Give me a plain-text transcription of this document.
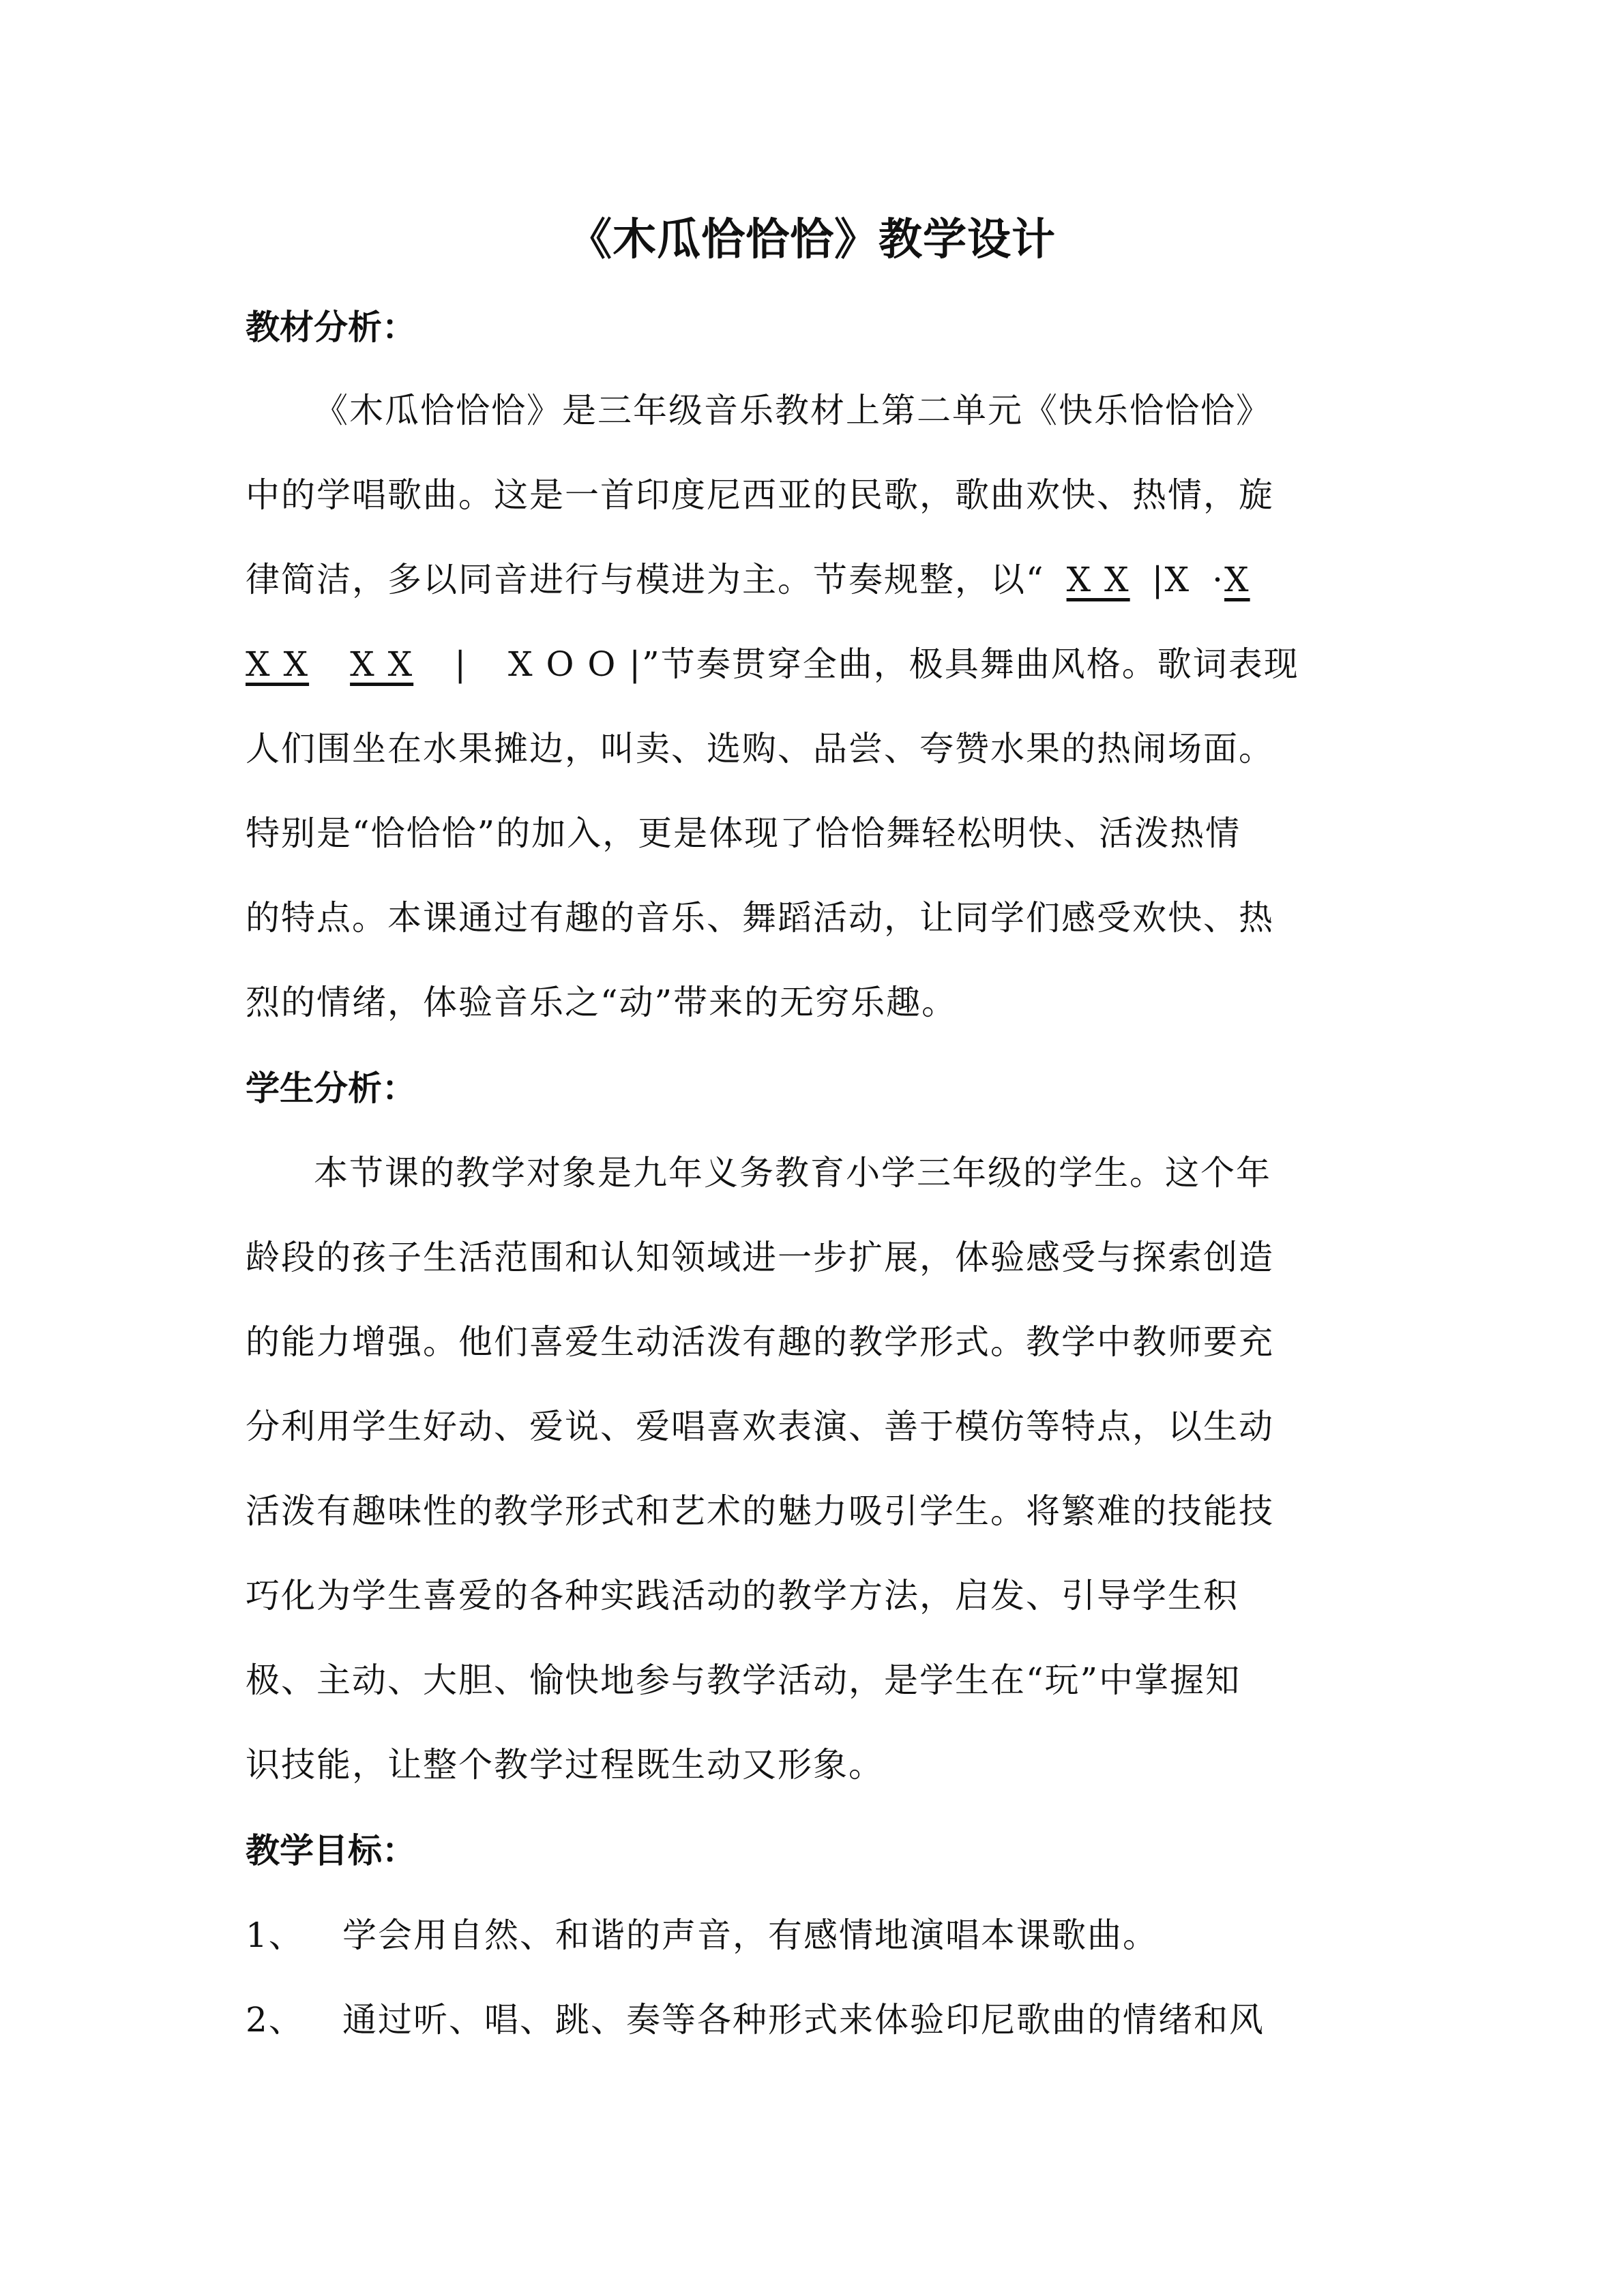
《木瓜恰恰恰》教学设计
教材分析：
《木瓜恰恰恰》是三年级音乐教材上第二单元《快乐恰恰恰》
中的学唱歌曲。这是一首印度尼西亚的民歌，歌曲欢快、热情，旋
律简洁，多以同音进行与模进为主。节奏规整，以“ X X |X ·X
X X X X | X O O |”节奏贯穿全曲，极具舞曲风格。歌词表现
人们围坐在水果摊边，叫卖、选购、品尝、夸赞水果的热闹场面。
特别是“恰恰恰”的加入，更是体现了恰恰舞轻松明快、活泼热情
的特点。本课通过有趣的音乐、舞蹈活动，让同学们感受欢快、热
烈的情绪，体验音乐之“动”带来的无穷乐趣。
学生分析：
本节课的教学对象是九年义务教育小学三年级的学生。这个年
龄段的孩子生活范围和认知领域进一步扩展，体验感受与探索创造
的能力增强。他们喜爱生动活泼有趣的教学形式。教学中教师要充
分利用学生好动、爱说、爱唱喜欢表演、善于模仿等特点，以生动
活泼有趣味性的教学形式和艺术的魅力吸引学生。将繁难的技能技
巧化为学生喜爱的各种实践活动的教学方法，启发、引导学生积
极、主动、大胆、愉快地参与教学活动，是学生在“玩”中掌握知
识技能，让整个教学过程既生动又形象。
教学目标：
1、 学会用自然、和谐的声音，有感情地演唱本课歌曲。
2、 通过听、唱、跳、奏等各种形式来体验印尼歌曲的情绪和风
